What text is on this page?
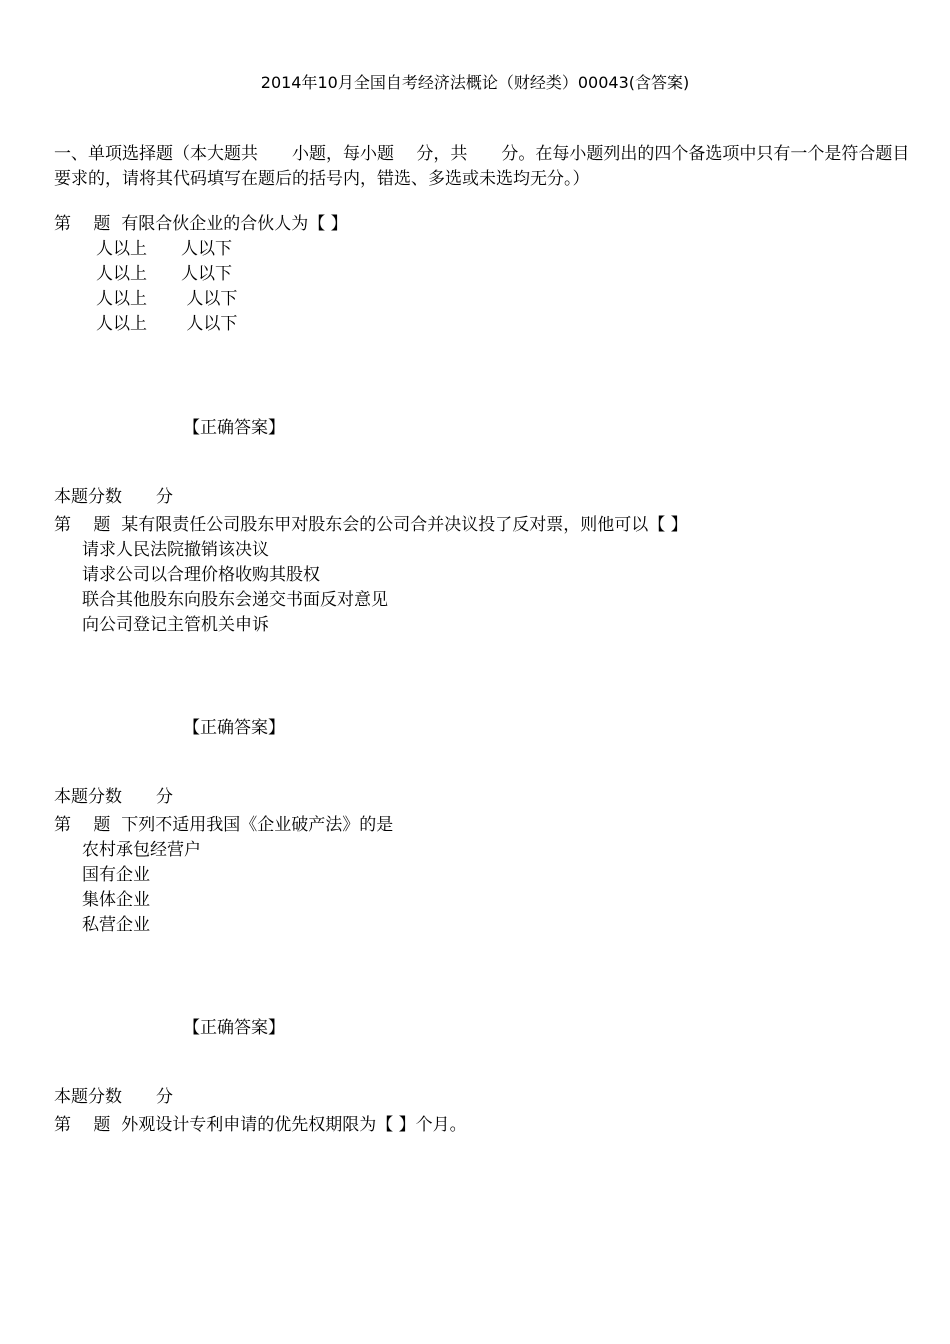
2014年10月全国自考经济法概论（财经类）00043(含答案)
一、单项选择题（本大题共　　小题，每小题　 分，共　　分。在每小题列出的四个备选项中只有一个是符合题目要求的，请将其代码填写在题后的括号内，错选、多选或未选均无分。）
第　 题  有限合伙企业的合伙人为【 】
人以上　　人以下
人以上　　人以下
人以上　　 人以下
人以上　　 人以下
【正确答案】
本题分数　　分
第　 题  某有限责任公司股东甲对股东会的公司合并决议投了反对票，则他可以【 】
请求人民法院撤销该决议
请求公司以合理价格收购其股权
联合其他股东向股东会递交书面反对意见
向公司登记主管机关申诉
【正确答案】
本题分数　　分
第　 题  下列不适用我国《企业破产法》的是
农村承包经营户
国有企业
集体企业
私营企业
【正确答案】
本题分数　　分
第　 题  外观设计专利申请的优先权期限为【 】个月。
